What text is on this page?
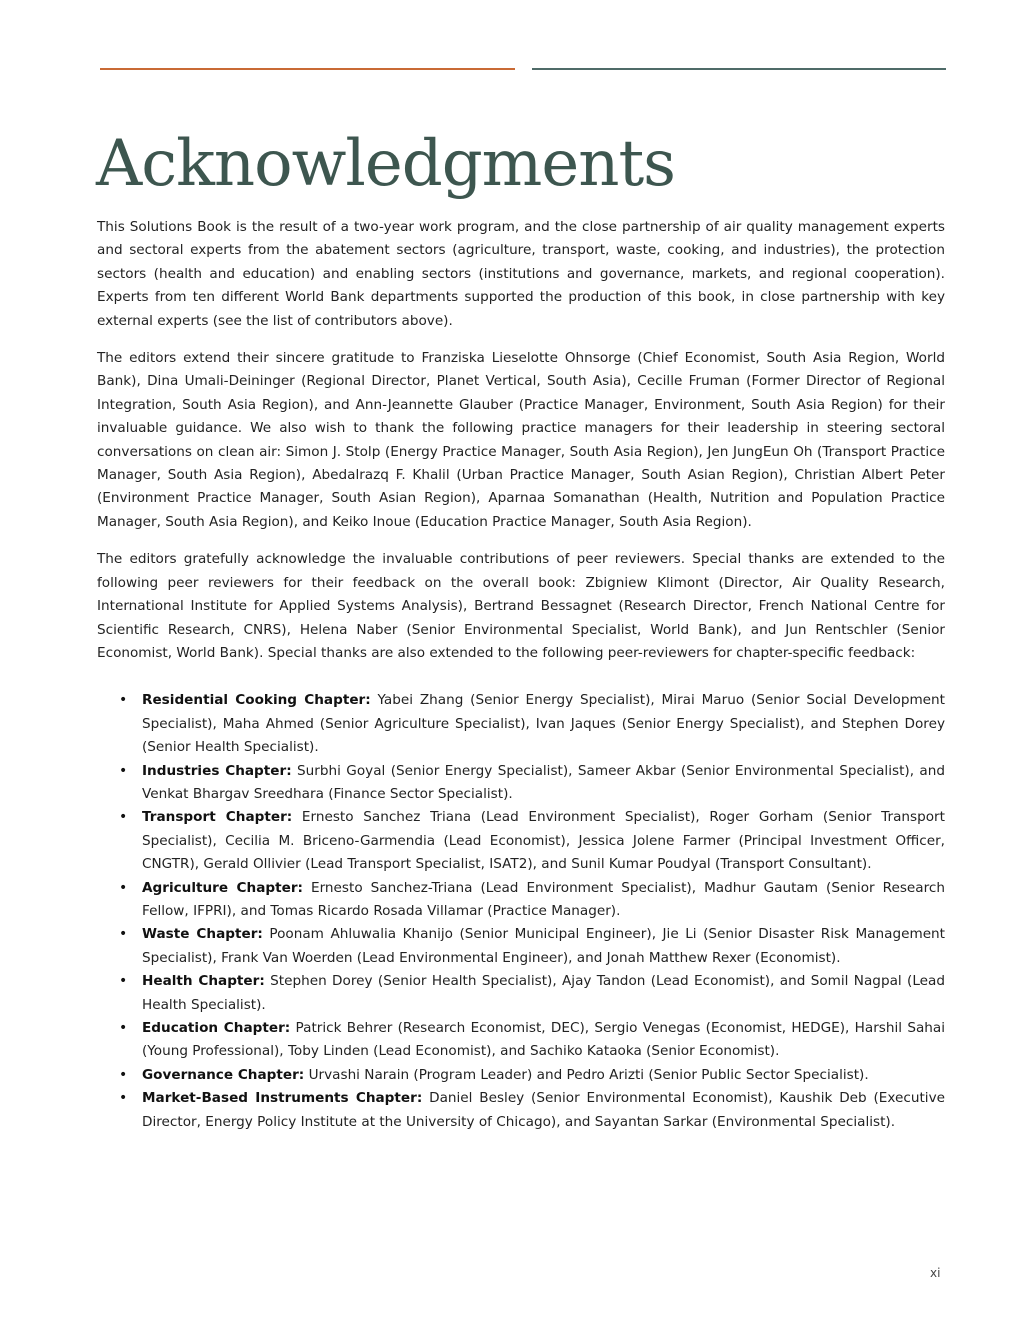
Acknowledgments

This Solutions Book is the result of a two-year work program, and the close partnership of air quality management experts and sectoral experts from the abatement sectors (agriculture, transport, waste, cooking, and industries), the protection sectors (health and education) and enabling sectors (institutions and governance, markets, and regional cooperation). Experts from ten different World Bank departments supported the production of this book, in close partnership with key external experts (see the list of contributors above).

The editors extend their sincere gratitude to Franziska Lieselotte Ohnsorge (Chief Economist, South Asia Region, World Bank), Dina Umali-Deininger (Regional Director, Planet Vertical, South Asia), Cecille Fruman (Former Director of Regional Integration, South Asia Region), and Ann-Jeannette Glauber (Practice Manager, Environment, South Asia Region) for their invaluable guidance. We also wish to thank the following practice managers for their leadership in steering sectoral conversations on clean air: Simon J. Stolp (Energy Practice Manager, South Asia Region), Jen JungEun Oh (Transport Practice Manager, South Asia Region), Abedalrazq F. Khalil (Urban Practice Manager, South Asian Region), Christian Albert Peter (Environment Practice Manager, South Asian Region), Aparnaa Somanathan (Health, Nutrition and Population Practice Manager, South Asia Region), and Keiko Inoue (Education Practice Manager, South Asia Region).

The editors gratefully acknowledge the invaluable contributions of peer reviewers. Special thanks are extended to the following peer reviewers for their feedback on the overall book: Zbigniew Klimont (Director, Air Quality Research, International Institute for Applied Systems Analysis), Bertrand Bessagnet (Research Director, French National Centre for Scientific Research, CNRS), Helena Naber (Senior Environmental Specialist, World Bank), and Jun Rentschler (Senior Economist, World Bank). Special thanks are also extended to the following peer-reviewers for chapter-specific feedback:

• Residential Cooking Chapter: Yabei Zhang (Senior Energy Specialist), Mirai Maruo (Senior Social Development Specialist), Maha Ahmed (Senior Agriculture Specialist), Ivan Jaques (Senior Energy Specialist), and Stephen Dorey (Senior Health Specialist).
• Industries Chapter: Surbhi Goyal (Senior Energy Specialist), Sameer Akbar (Senior Environmental Specialist), and Venkat Bhargav Sreedhara (Finance Sector Specialist).
• Transport Chapter: Ernesto Sanchez Triana (Lead Environment Specialist), Roger Gorham (Senior Transport Specialist), Cecilia M. Briceno-Garmendia (Lead Economist), Jessica Jolene Farmer (Principal Investment Officer, CNGTR), Gerald Ollivier (Lead Transport Specialist, ISAT2), and Sunil Kumar Poudyal (Transport Consultant).
• Agriculture Chapter: Ernesto Sanchez-Triana (Lead Environment Specialist), Madhur Gautam (Senior Research Fellow, IFPRI), and Tomas Ricardo Rosada Villamar (Practice Manager).
• Waste Chapter: Poonam Ahluwalia Khanijo (Senior Municipal Engineer), Jie Li (Senior Disaster Risk Management Specialist), Frank Van Woerden (Lead Environmental Engineer), and Jonah Matthew Rexer (Economist).
• Health Chapter: Stephen Dorey (Senior Health Specialist), Ajay Tandon (Lead Economist), and Somil Nagpal (Lead Health Specialist).
• Education Chapter: Patrick Behrer (Research Economist, DEC), Sergio Venegas (Economist, HEDGE), Harshil Sahai (Young Professional), Toby Linden (Lead Economist), and Sachiko Kataoka (Senior Economist).
• Governance Chapter: Urvashi Narain (Program Leader) and Pedro Arizti (Senior Public Sector Specialist).
• Market-Based Instruments Chapter: Daniel Besley (Senior Environmental Economist), Kaushik Deb (Executive Director, Energy Policy Institute at the University of Chicago), and Sayantan Sarkar (Environmental Specialist).
xi
